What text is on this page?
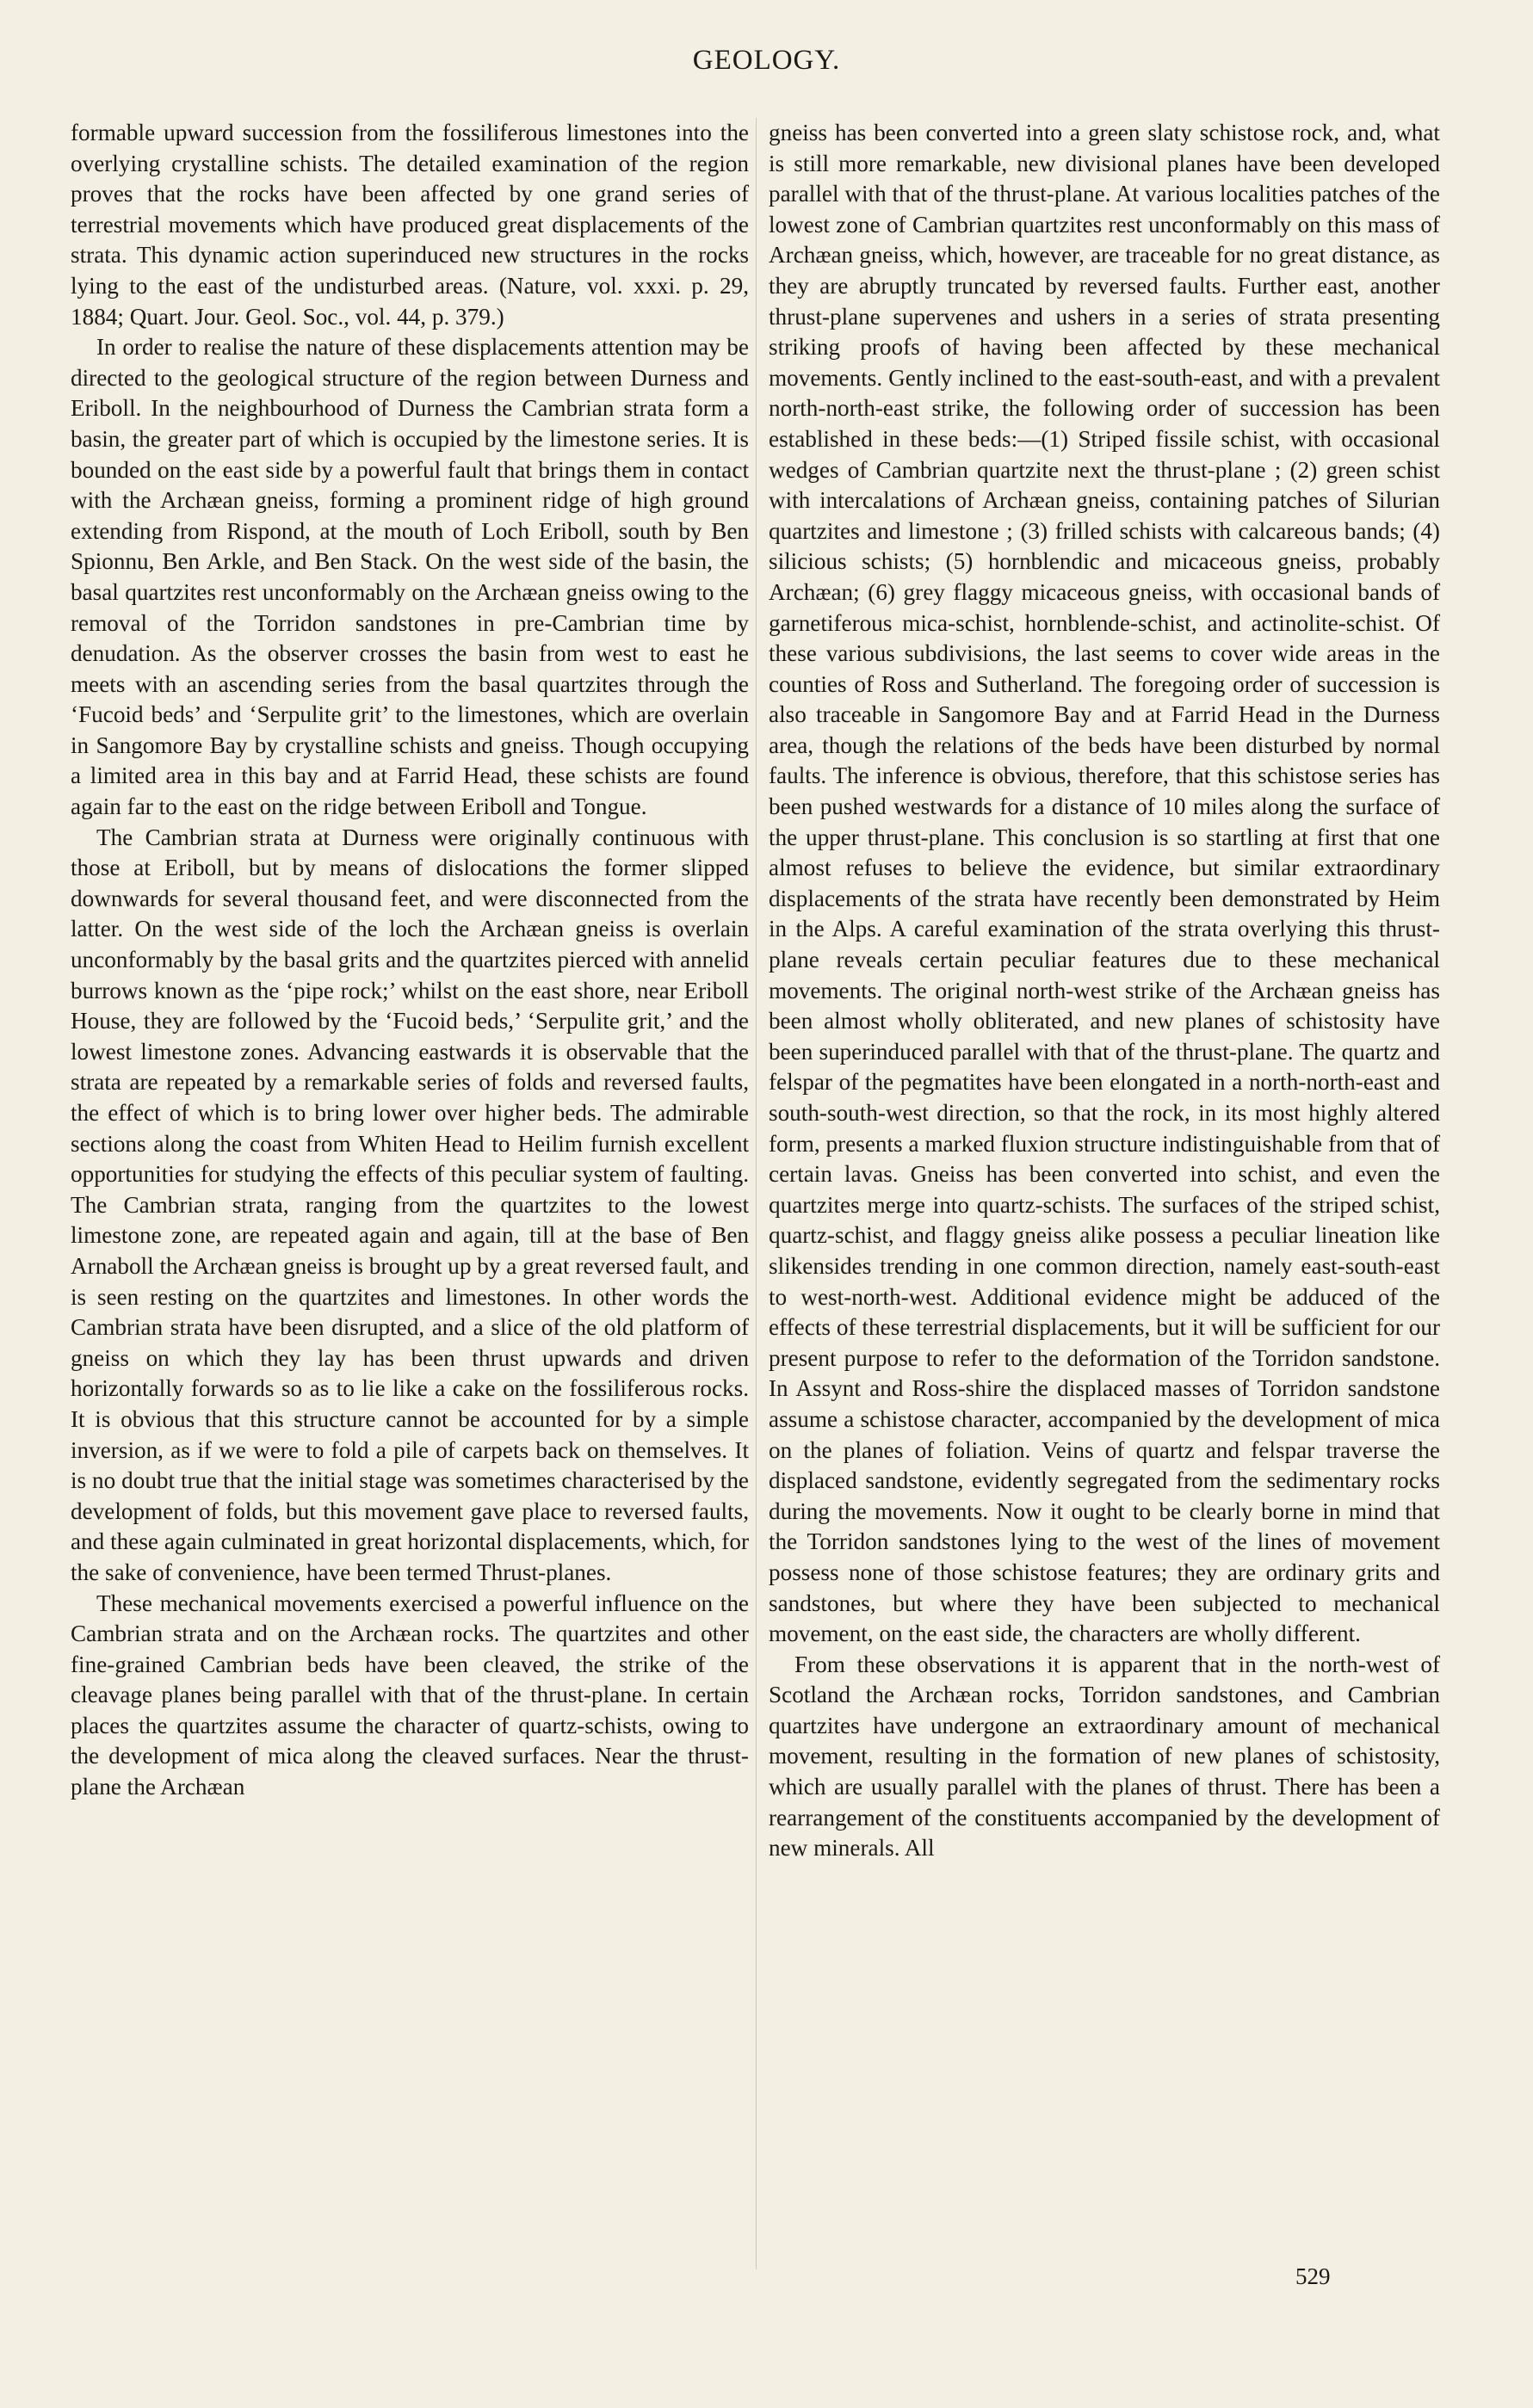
GEOLOGY.

formable upward succession from the fossiliferous limestones into the overlying crystalline schists. The detailed examination of the region proves that the rocks have been affected by one grand series of terrestrial movements which have produced great displacements of the strata. This dynamic action superinduced new structures in the rocks lying to the east of the undisturbed areas. (Nature, vol. xxxi. p. 29, 1884; Quart. Jour. Geol. Soc., vol. 44, p. 379.)

In order to realise the nature of these displacements attention may be directed to the geological structure of the region between Durness and Eriboll. In the neighbourhood of Durness the Cambrian strata form a basin, the greater part of which is occupied by the limestone series. It is bounded on the east side by a powerful fault that brings them in contact with the Archæan gneiss, forming a prominent ridge of high ground extending from Rispond, at the mouth of Loch Eriboll, south by Ben Spionnu, Ben Arkle, and Ben Stack. On the west side of the basin, the basal quartzites rest unconformably on the Archæan gneiss owing to the removal of the Torridon sandstones in pre-Cambrian time by denudation. As the observer crosses the basin from west to east he meets with an ascending series from the basal quartzites through the ‘Fucoid beds’ and ‘Serpulite grit’ to the limestones, which are overlain in Sangomore Bay by crystalline schists and gneiss. Though occupying a limited area in this bay and at Farrid Head, these schists are found again far to the east on the ridge between Eriboll and Tongue.

The Cambrian strata at Durness were originally continuous with those at Eriboll, but by means of dislocations the former slipped downwards for several thousand feet, and were disconnected from the latter. On the west side of the loch the Archæan gneiss is overlain unconformably by the basal grits and the quartzites pierced with annelid burrows known as the ‘pipe rock;’ whilst on the east shore, near Eriboll House, they are followed by the ‘Fucoid beds,’ ‘Serpulite grit,’ and the lowest limestone zones. Advancing eastwards it is observable that the strata are repeated by a remarkable series of folds and reversed faults, the effect of which is to bring lower over higher beds. The admirable sections along the coast from Whiten Head to Heilim furnish excellent opportunities for studying the effects of this peculiar system of faulting. The Cambrian strata, ranging from the quartzites to the lowest limestone zone, are repeated again and again, till at the base of Ben Arnaboll the Archæan gneiss is brought up by a great reversed fault, and is seen resting on the quartzites and limestones. In other words the Cambrian strata have been disrupted, and a slice of the old platform of gneiss on which they lay has been thrust upwards and driven horizontally forwards so as to lie like a cake on the fossiliferous rocks. It is obvious that this structure cannot be accounted for by a simple inversion, as if we were to fold a pile of carpets back on themselves. It is no doubt true that the initial stage was sometimes characterised by the development of folds, but this movement gave place to reversed faults, and these again culminated in great horizontal displacements, which, for the sake of convenience, have been termed Thrust-planes.

These mechanical movements exercised a powerful influence on the Cambrian strata and on the Archæan rocks. The quartzites and other fine-grained Cambrian beds have been cleaved, the strike of the cleavage planes being parallel with that of the thrust-plane. In certain places the quartzites assume the character of quartz-schists, owing to the development of mica along the cleaved surfaces. Near the thrust-plane the Archæan

gneiss has been converted into a green slaty schistose rock, and, what is still more remarkable, new divisional planes have been developed parallel with that of the thrust-plane. At various localities patches of the lowest zone of Cambrian quartzites rest unconformably on this mass of Archæan gneiss, which, however, are traceable for no great distance, as they are abruptly truncated by reversed faults. Further east, another thrust-plane supervenes and ushers in a series of strata presenting striking proofs of having been affected by these mechanical movements. Gently inclined to the east-south-east, and with a prevalent north-north-east strike, the following order of succession has been established in these beds:—(1) Striped fissile schist, with occasional wedges of Cambrian quartzite next the thrust-plane ; (2) green schist with intercalations of Archæan gneiss, containing patches of Silurian quartzites and limestone ; (3) frilled schists with calcareous bands; (4) silicious schists; (5) hornblendic and micaceous gneiss, probably Archæan; (6) grey flaggy micaceous gneiss, with occasional bands of garnetiferous mica-schist, hornblende-schist, and actinolite-schist. Of these various subdivisions, the last seems to cover wide areas in the counties of Ross and Sutherland. The foregoing order of succession is also traceable in Sangomore Bay and at Farrid Head in the Durness area, though the relations of the beds have been disturbed by normal faults. The inference is obvious, therefore, that this schistose series has been pushed westwards for a distance of 10 miles along the surface of the upper thrust-plane. This conclusion is so startling at first that one almost refuses to believe the evidence, but similar extraordinary displacements of the strata have recently been demonstrated by Heim in the Alps. A careful examination of the strata overlying this thrust-plane reveals certain peculiar features due to these mechanical movements. The original north-west strike of the Archæan gneiss has been almost wholly obliterated, and new planes of schistosity have been superinduced parallel with that of the thrust-plane. The quartz and felspar of the pegmatites have been elongated in a north-north-east and south-south-west direction, so that the rock, in its most highly altered form, presents a marked fluxion structure indistinguishable from that of certain lavas. Gneiss has been converted into schist, and even the quartzites merge into quartz-schists. The surfaces of the striped schist, quartz-schist, and flaggy gneiss alike possess a peculiar lineation like slikensides trending in one common direction, namely east-south-east to west-north-west. Additional evidence might be adduced of the effects of these terrestrial displacements, but it will be sufficient for our present purpose to refer to the deformation of the Torridon sandstone. In Assynt and Ross-shire the displaced masses of Torridon sandstone assume a schistose character, accompanied by the development of mica on the planes of foliation. Veins of quartz and felspar traverse the displaced sandstone, evidently segregated from the sedimentary rocks during the movements. Now it ought to be clearly borne in mind that the Torridon sandstones lying to the west of the lines of movement possess none of those schistose features; they are ordinary grits and sandstones, but where they have been subjected to mechanical movement, on the east side, the characters are wholly different.

From these observations it is apparent that in the north-west of Scotland the Archæan rocks, Torridon sandstones, and Cambrian quartzites have undergone an extraordinary amount of mechanical movement, resulting in the formation of new planes of schistosity, which are usually parallel with the planes of thrust. There has been a rearrangement of the constituents accompanied by the development of new minerals. All

529
